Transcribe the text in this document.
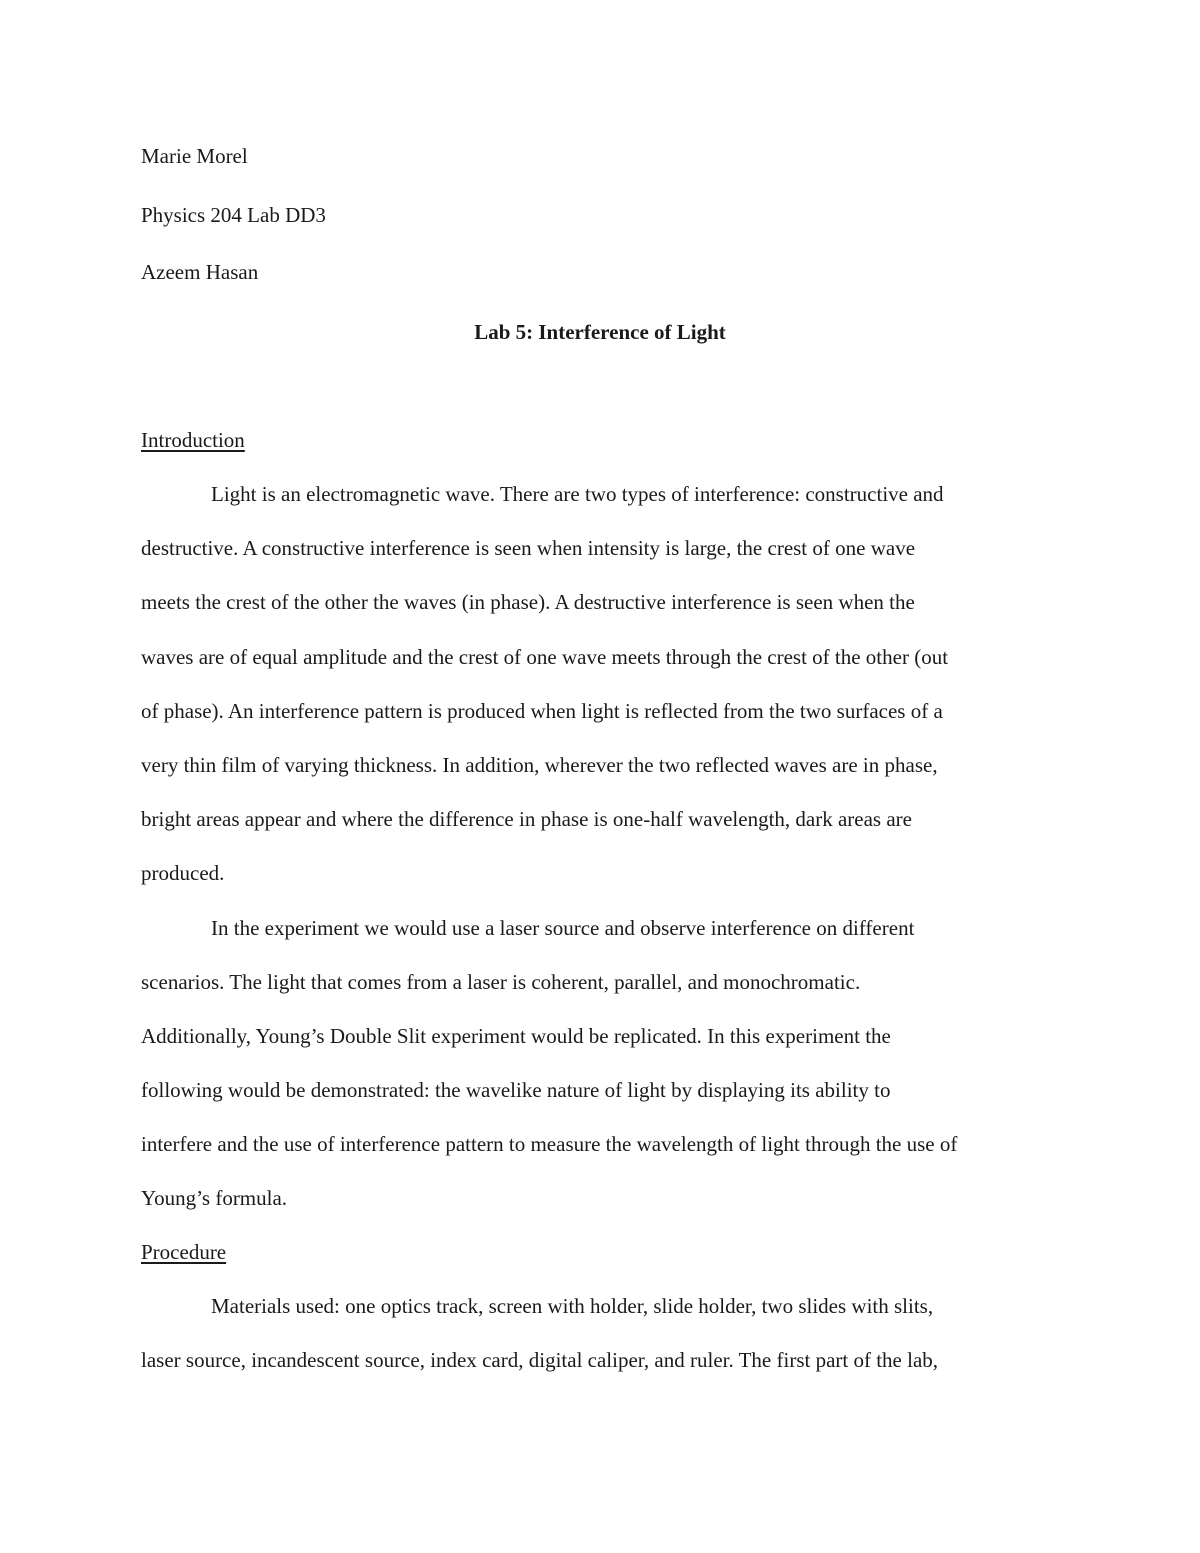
Marie Morel
Physics 204 Lab DD3
Azeem Hasan
Lab 5: Interference of Light
Introduction
Light is an electromagnetic wave. There are two types of interference: constructive and
destructive. A constructive interference is seen when intensity is large, the crest of one wave
meets the crest of the other the waves (in phase). A destructive interference is seen when the
waves are of equal amplitude and the crest of one wave meets through the crest of the other (out
of phase). An interference pattern is produced when light is reflected from the two surfaces of a
very thin film of varying thickness. In addition, wherever the two reflected waves are in phase,
bright areas appear and where the difference in phase is one-half wavelength, dark areas are
produced.
In the experiment we would use a laser source and observe interference on different
scenarios. The light that comes from a laser is coherent, parallel, and monochromatic.
Additionally, Young’s Double Slit experiment would be replicated. In this experiment the
following would be demonstrated: the wavelike nature of light by displaying its ability to
interfere and the use of interference pattern to measure the wavelength of light through the use of
Young’s formula.
Procedure
Materials used: one optics track, screen with holder, slide holder, two slides with slits,
laser source, incandescent source, index card, digital caliper, and ruler. The first part of the lab,
